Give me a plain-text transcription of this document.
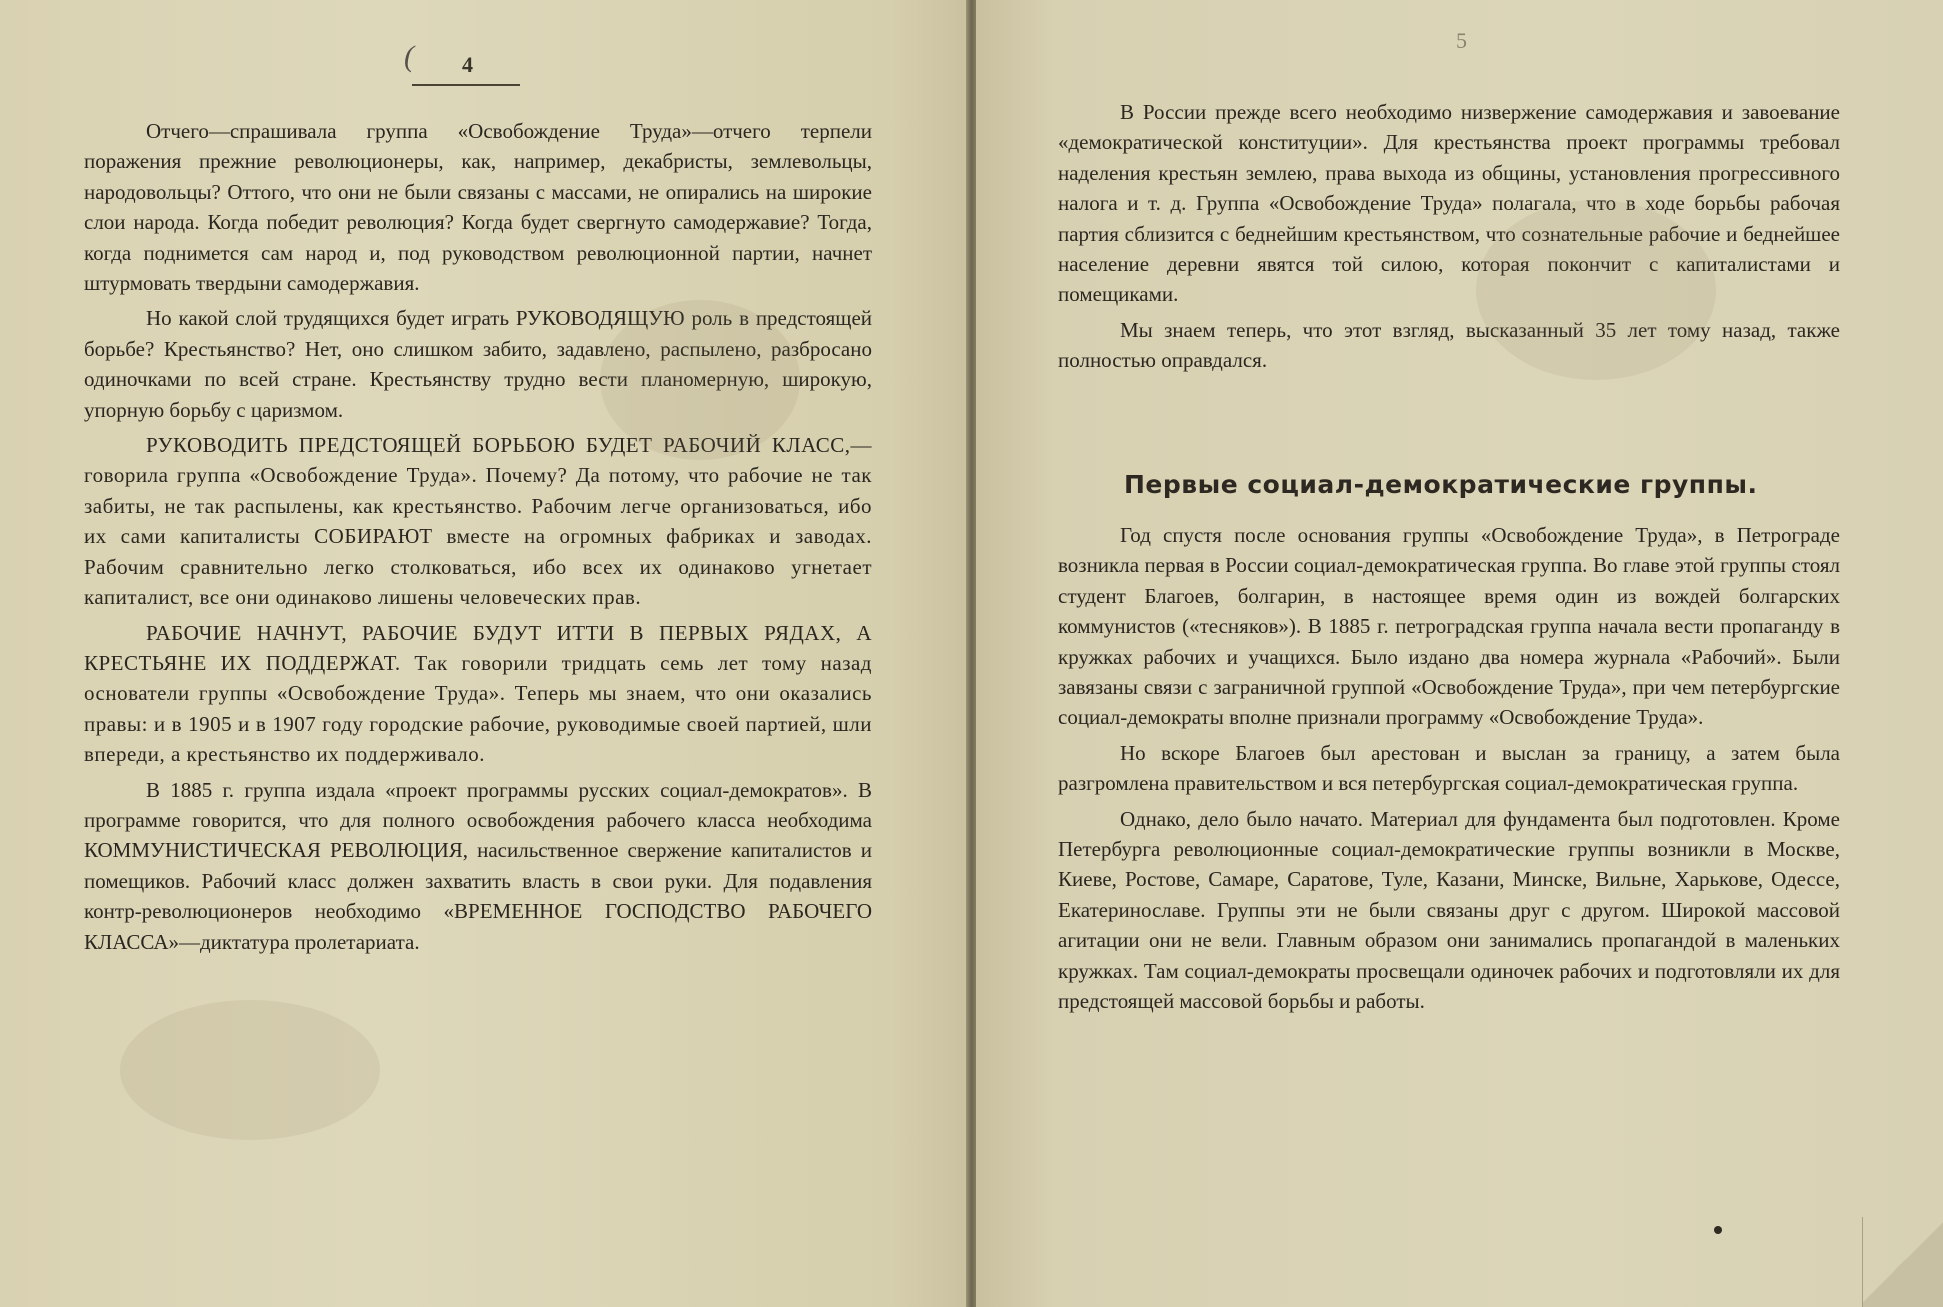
( 4

Отчего—спрашивала группа «Освобождение Труда»—отчего терпели поражения прежние революционеры, как, например, декабристы, землевольцы, народовольцы? Оттого, что они не были связаны с массами, не опирались на широкие слои народа. Когда победит революция? Когда будет свергнуто самодержавие? Тогда, когда поднимется сам народ и, под руководством революционной партии, начнет штурмовать твердыни самодержавия.

Но какой слой трудящихся будет играть РУКОВОДЯЩУЮ роль в предстоящей борьбе? Крестьянство? Нет, оно слишком забито, задавлено, распылено, разбросано одиночками по всей стране. Крестьянству трудно вести планомерную, широкую, упорную борьбу с царизмом.

РУКОВОДИТЬ ПРЕДСТОЯЩЕЙ БОРЬБОЮ БУДЕТ РАБОЧИЙ КЛАСС,—говорила группа «Освобождение Труда». Почему? Да потому, что рабочие не так забиты, не так распылены, как крестьянство. Рабочим легче организоваться, ибо их сами капиталисты СОБИРАЮТ вместе на огромных фабриках и заводах. Рабочим сравнительно легко столковаться, ибо всех их одинаково угнетает капиталист, все они одинаково лишены человеческих прав.

РАБОЧИЕ НАЧНУТ, РАБОЧИЕ БУДУТ ИТТИ В ПЕРВЫХ РЯДАХ, А КРЕСТЬЯНЕ ИХ ПОДДЕРЖАТ. Так говорили тридцать семь лет тому назад основатели группы «Освобождение Труда». Теперь мы знаем, что они оказались правы: и в 1905 и в 1907 году городские рабочие, руководимые своей партией, шли впереди, а крестьянство их поддерживало.

В 1885 г. группа издала «проект программы русских социал-демократов». В программе говорится, что для полного освобождения рабочего класса необходима КОММУНИСТИЧЕСКАЯ РЕВОЛЮЦИЯ, насильственное свержение капиталистов и помещиков. Рабочий класс должен захватить власть в свои руки. Для подавления контр-революционеров необходимо «ВРЕМЕННОЕ ГОСПОДСТВО РАБОЧЕГО КЛАССА»—диктатура пролетариата.

5

В России прежде всего необходимо низвержение самодержавия и завоевание «демократической конституции». Для крестьянства проект программы требовал наделения крестьян землею, права выхода из общины, установления прогрессивного налога и т. д. Группа «Освобождение Труда» полагала, что в ходе борьбы рабочая партия сблизится с беднейшим крестьянством, что сознательные рабочие и беднейшее население деревни явятся той силою, которая покончит с капиталистами и помещиками.

Мы знаем теперь, что этот взгляд, высказанный 35 лет тому назад, также полностью оправдался.

Первые социал-демократические группы.

Год спустя после основания группы «Освобождение Труда», в Петрограде возникла первая в России социал-демократическая группа. Во главе этой группы стоял студент Благоев, болгарин, в настоящее время один из вождей болгарских коммунистов («тесняков»). В 1885 г. петроградская группа начала вести пропаганду в кружках рабочих и учащихся. Было издано два номера журнала «Рабочий». Были завязаны связи с заграничной группой «Освобождение Труда», при чем петербургские социал-демократы вполне признали программу «Освобождение Труда».

Но вскоре Благоев был арестован и выслан за границу, а затем была разгромлена правительством и вся петербургская социал-демократическая группа.

Однако, дело было начато. Материал для фундамента был подготовлен. Кроме Петербурга революционные социал-демократические группы возникли в Москве, Киеве, Ростове, Самаре, Саратове, Туле, Казани, Минске, Вильне, Харькове, Одессе, Екатеринославе. Группы эти не были связаны друг с другом. Широкой массовой агитации они не вели. Главным образом они занимались пропагандой в маленьких кружках. Там социал-демократы просвещали одиночек рабочих и подготовляли их для предстоящей массовой борьбы и работы.
